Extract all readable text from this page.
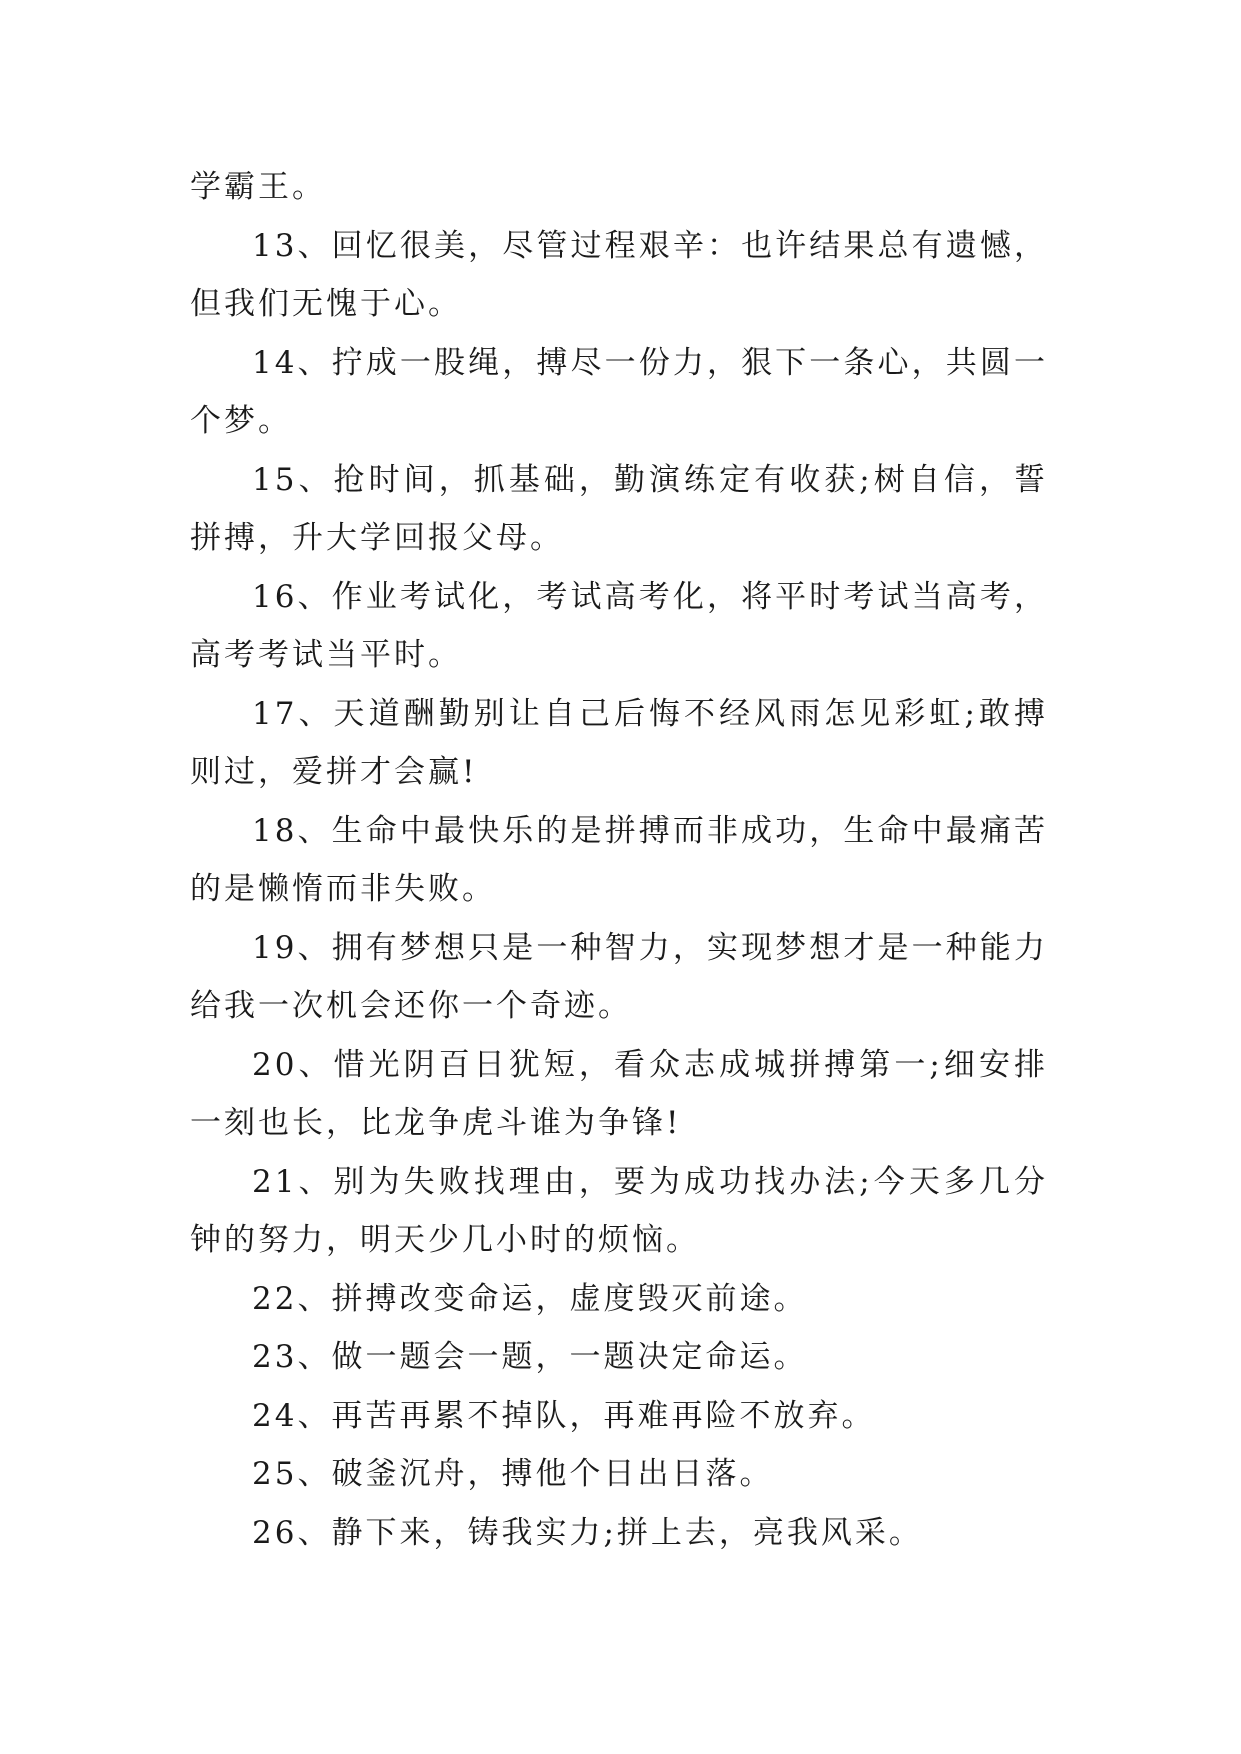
学霸王。

13、回忆很美，尽管过程艰辛：也许结果总有遗憾，但我们无愧于心。

14、拧成一股绳，搏尽一份力，狠下一条心，共圆一个梦。

15、抢时间，抓基础，勤演练定有收获;树自信，誓拼搏，升大学回报父母。

16、作业考试化，考试高考化，将平时考试当高考，高考考试当平时。

17、天道酬勤别让自己后悔不经风雨怎见彩虹;敢搏则过，爱拼才会赢!

18、生命中最快乐的是拼搏而非成功，生命中最痛苦的是懒惰而非失败。

19、拥有梦想只是一种智力，实现梦想才是一种能力给我一次机会还你一个奇迹。

20、惜光阴百日犹短，看众志成城拼搏第一;细安排一刻也长，比龙争虎斗谁为争锋!

21、别为失败找理由，要为成功找办法;今天多几分钟的努力，明天少几小时的烦恼。

22、拼搏改变命运，虚度毁灭前途。

23、做一题会一题，一题决定命运。

24、再苦再累不掉队，再难再险不放弃。

25、破釜沉舟，搏他个日出日落。

26、静下来，铸我实力;拼上去，亮我风采。
